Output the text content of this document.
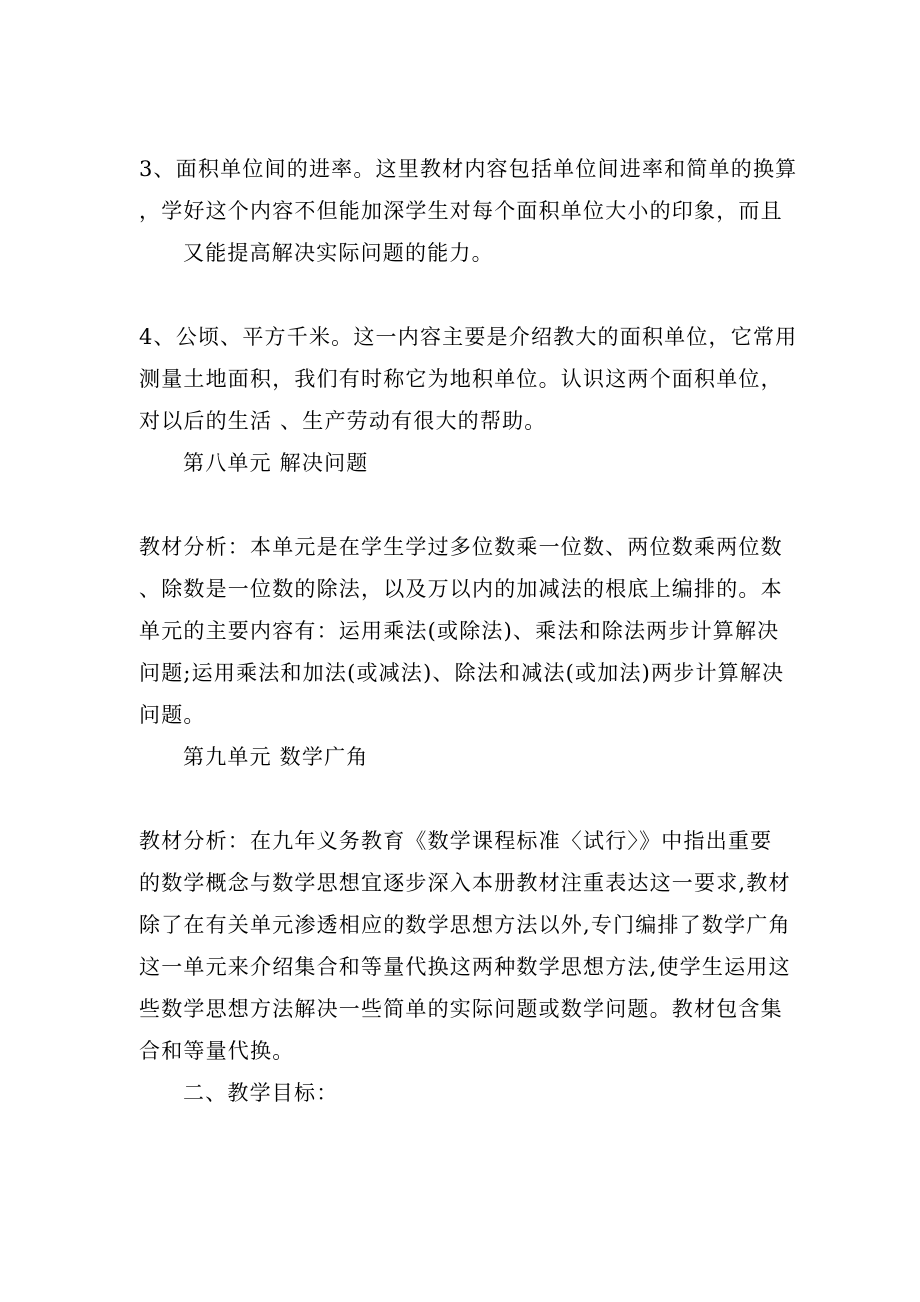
3、面积单位间的进率。这里教材内容包括单位间进率和简单的换算
，学好这个内容不但能加深学生对每个面积单位大小的印象，而且
又能提高解决实际问题的能力。
4、公顷、平方千米。这一内容主要是介绍教大的面积单位，它常用
测量土地面积，我们有时称它为地积单位。认识这两个面积单位，
对以后的生活 、生产劳动有很大的帮助。
第八单元 解决问题
教材分析：本单元是在学生学过多位数乘一位数、两位数乘两位数
、除数是一位数的除法，以及万以内的加减法的根底上编排的。本
单元的主要内容有：运用乘法(或除法)、乘法和除法两步计算解决
问题;运用乘法和加法(或减法)、除法和减法(或加法)两步计算解决
问题。
第九单元 数学广角
教材分析：在九年义务教育《数学课程标准〈试行〉》中指出重要
的数学概念与数学思想宜逐步深入本册教材注重表达这一要求,教材
除了在有关单元渗透相应的数学思想方法以外,专门编排了数学广角
这一单元来介绍集合和等量代换这两种数学思想方法,使学生运用这
些数学思想方法解决一些简单的实际问题或数学问题。教材包含集
合和等量代换。
二、教学目标：
